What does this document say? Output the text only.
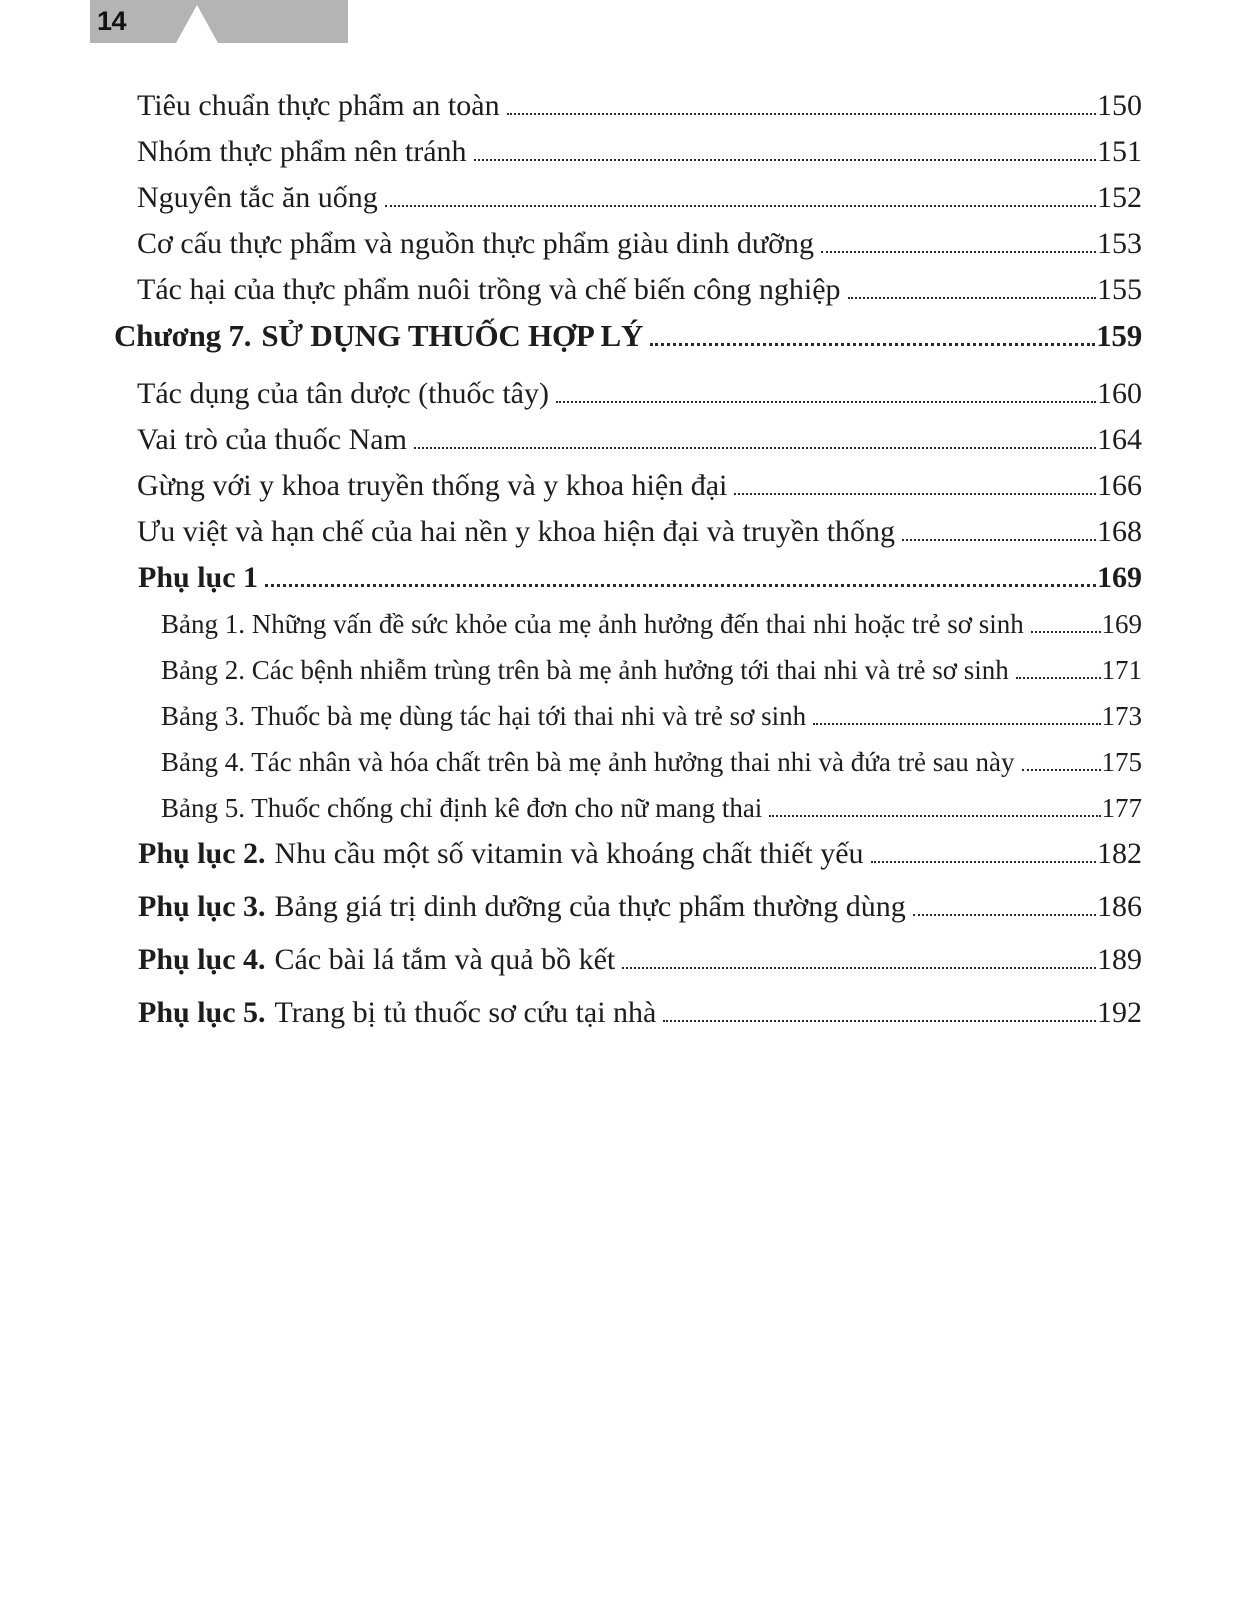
14
Tiêu chuẩn thực phẩm an toàn	150
Nhóm thực phẩm nên tránh	151
Nguyên tắc ăn uống	152
Cơ cấu thực phẩm và nguồn thực phẩm giàu dinh dưỡng	153
Tác hại của thực phẩm nuôi trồng và chế biến công nghiệp	155
Chương 7. SỬ DỤNG THUỐC HỢP LÝ	159
Tác dụng của tân dược (thuốc tây)	160
Vai trò của thuốc Nam	164
Gừng với y khoa truyền thống và y khoa hiện đại	166
Ưu việt và hạn chế của hai nền y khoa hiện đại và truyền thống	168
Phụ lục 1	169
Bảng 1. Những vấn đề sức khỏe của mẹ ảnh hưởng đến thai nhi hoặc trẻ sơ sinh	169
Bảng 2. Các bệnh nhiễm trùng trên bà mẹ ảnh hưởng tới thai nhi và trẻ sơ sinh	171
Bảng 3. Thuốc bà mẹ dùng tác hại tới thai nhi và trẻ sơ sinh	173
Bảng 4. Tác nhân và hóa chất trên bà mẹ ảnh hưởng thai nhi và đứa trẻ sau này	175
Bảng 5. Thuốc chống chỉ định kê đơn cho nữ mang thai	177
Phụ lục 2. Nhu cầu một số vitamin và khoáng chất thiết yếu	182
Phụ lục 3. Bảng giá trị dinh dưỡng của thực phẩm thường dùng	186
Phụ lục 4. Các bài lá tắm và quả bồ kết	189
Phụ lục 5. Trang bị tủ thuốc sơ cứu tại nhà	192
